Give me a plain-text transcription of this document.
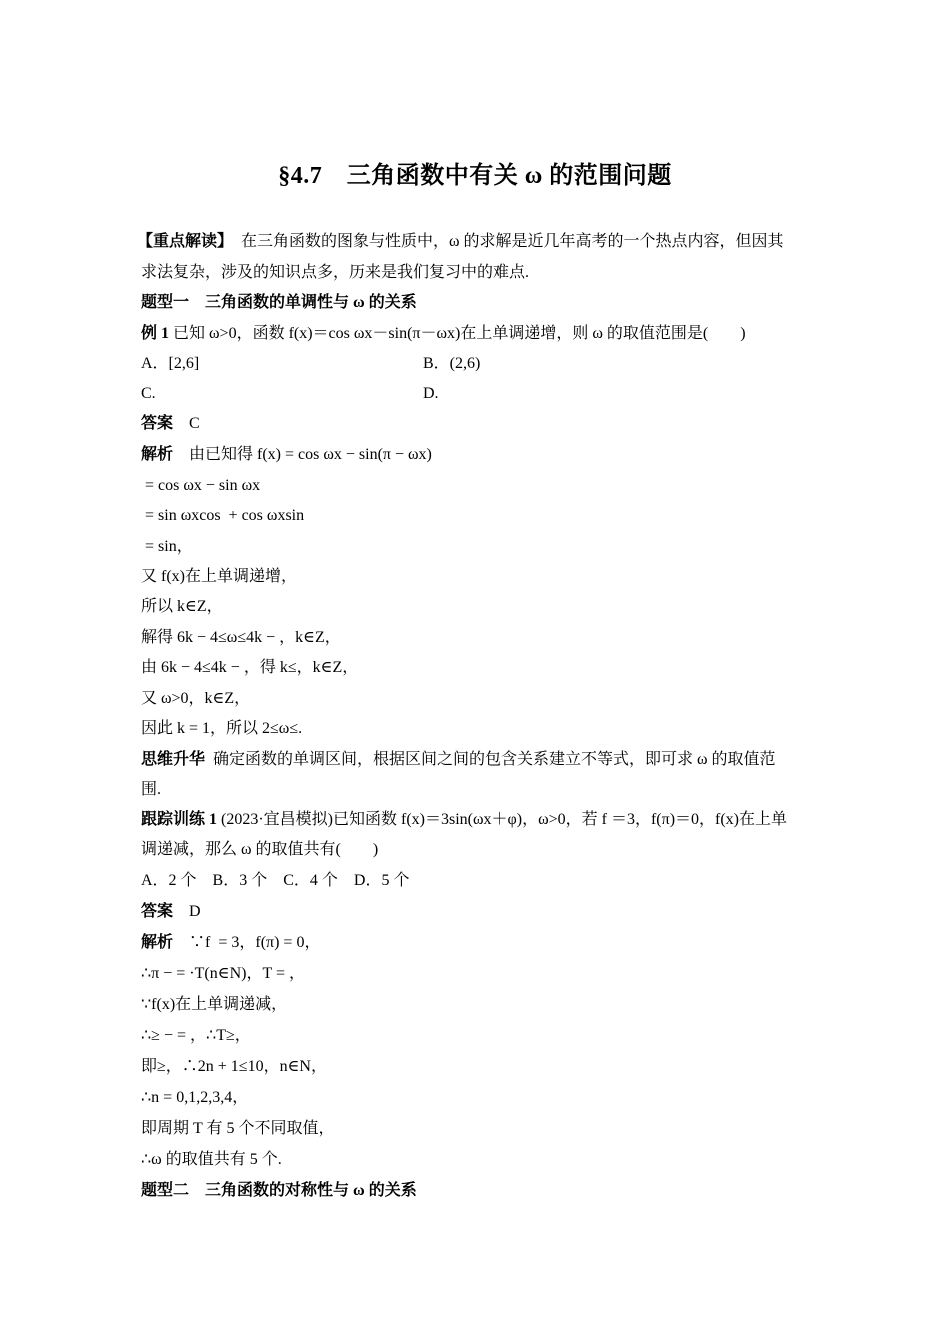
§4.7　三角函数中有关 ω 的范围问题
【重点解读】  在三角函数的图象与性质中，ω 的求解是近几年高考的一个热点内容，但因其
求法复杂，涉及的知识点多，历来是我们复习中的难点.
题型一　三角函数的单调性与 ω 的关系
例 1 已知 ω>0，函数 f(x)＝cos ωx－sin(π－ωx)在上单调递增，则 ω 的取值范围是(　　)
A．[2,6]	B．(2,6)
C.	D.
答案　C
解析　由已知得 f(x) = cos ωx − sin(π − ωx)
= cos ωx − sin ωx
= sin ωxcos  + cos ωxsin
= sin，
又 f(x)在上单调递增，
所以 k∈Z，
解得 6k − 4≤ω≤4k − ，k∈Z，
由 6k − 4≤4k − ，得 k≤，k∈Z，
又 ω>0，k∈Z，
因此 k = 1，所以 2≤ω≤.
思维升华  确定函数的单调区间，根据区间之间的包含关系建立不等式，即可求 ω 的取值范
围.
跟踪训练 1 (2023·宜昌模拟)已知函数 f(x)＝3sin(ωx＋φ)，ω>0，若 f ＝3，f(π)＝0，f(x)在上单
调递减，那么 ω 的取值共有(　　)
A．2 个　B．3 个　C．4 个　D．5 个
答案　D
解析　∵f  = 3，f(π) = 0，
∴π − = ·T(n∈N)，T = ，
∵f(x)在上单调递减，
∴≥ − = ，∴T≥，
即≥，∴2n + 1≤10，n∈N，
∴n = 0,1,2,3,4，
即周期 T 有 5 个不同取值，
∴ω 的取值共有 5 个.
题型二　三角函数的对称性与 ω 的关系
